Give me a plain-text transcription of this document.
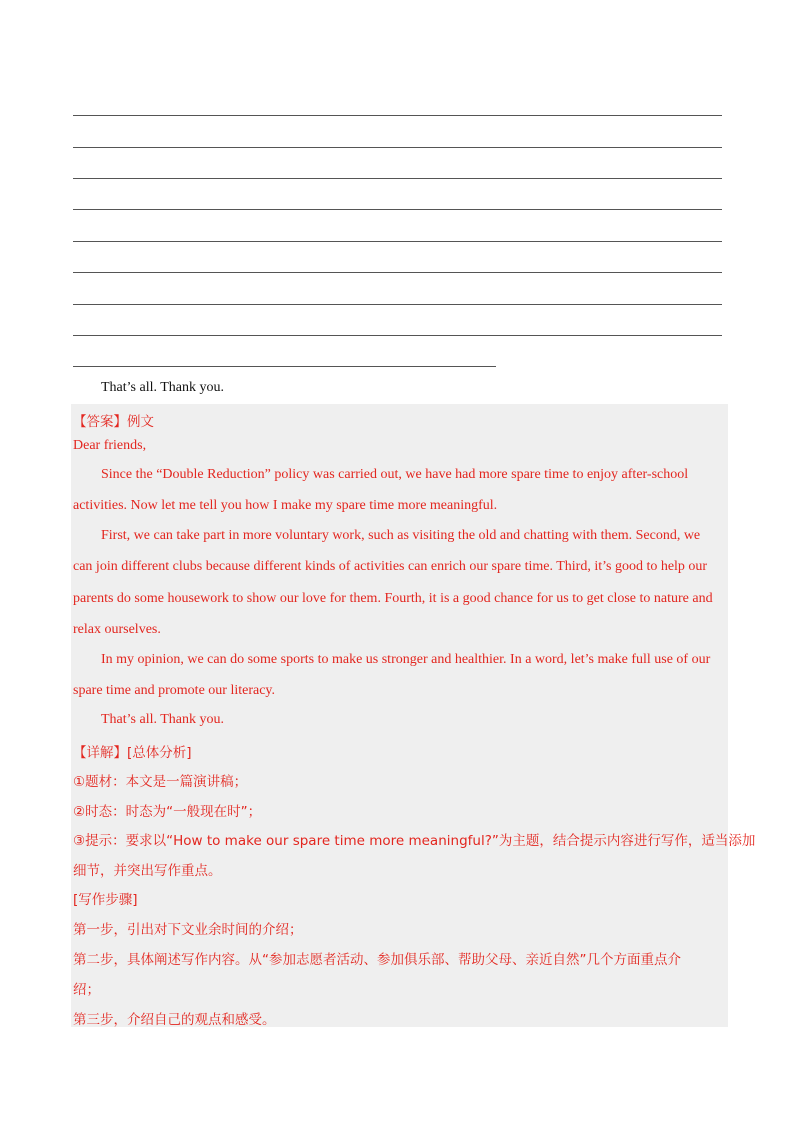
That’s all. Thank you.
【答案】例文
Dear friends,
Since the “Double Reduction” policy was carried out, we have had more spare time to enjoy after-school
activities. Now let me tell you how I make my spare time more meaningful.
First, we can take part in more voluntary work, such as visiting the old and chatting with them. Second, we
can join different clubs because different kinds of activities can enrich our spare time. Third, it’s good to help our
parents do some housework to show our love for them. Fourth, it is a good chance for us to get close to nature and
relax ourselves.
In my opinion, we can do some sports to make us stronger and healthier. In a word, let’s make full use of our
spare time and promote our literacy.
That’s all. Thank you.
【详解】[总体分析]
①题材：本文是一篇演讲稿；
②时态：时态为“一般现在时”；
③提示：要求以“How to make our spare time more meaningful?”为主题，结合提示内容进行写作，适当添加
细节，并突出写作重点。
[写作步骤]
第一步，引出对下文业余时间的介绍；
第二步，具体阐述写作内容。从“参加志愿者活动、参加俱乐部、帮助父母、亲近自然”几个方面重点介
绍；
第三步，介绍自己的观点和感受。
